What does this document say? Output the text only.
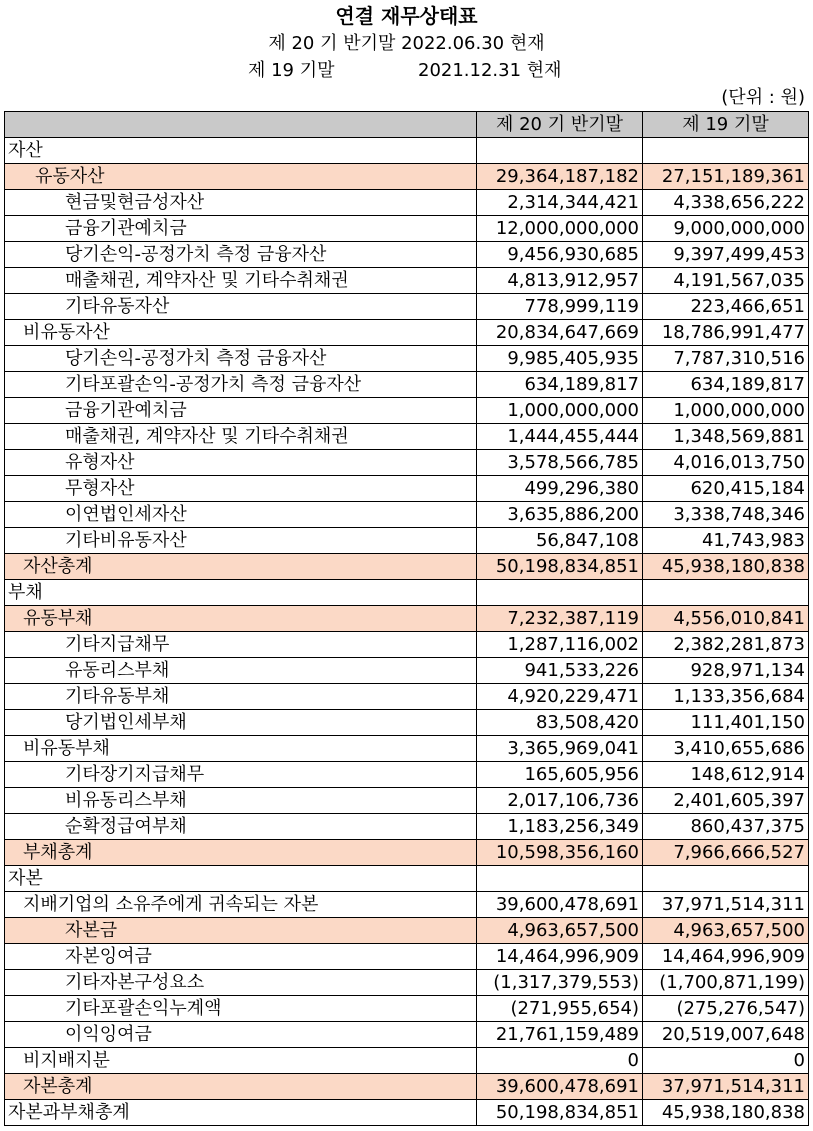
연결 재무상태표
제 20 기 반기말 2022.06.30 현재
제 19 기말	2021.12.31 현재
(단위 : 원)
	제 20 기 반기말	제 19 기말
자산		
유동자산	29,364,187,182	27,151,189,361
현금및현금성자산	2,314,344,421	4,338,656,222
금융기관예치금	12,000,000,000	9,000,000,000
당기손익-공정가치 측정 금융자산	9,456,930,685	9,397,499,453
매출채권, 계약자산 및 기타수취채권	4,813,912,957	4,191,567,035
기타유동자산	778,999,119	223,466,651
비유동자산	20,834,647,669	18,786,991,477
당기손익-공정가치 측정 금융자산	9,985,405,935	7,787,310,516
기타포괄손익-공정가치 측정 금융자산	634,189,817	634,189,817
금융기관예치금	1,000,000,000	1,000,000,000
매출채권, 계약자산 및 기타수취채권	1,444,455,444	1,348,569,881
유형자산	3,578,566,785	4,016,013,750
무형자산	499,296,380	620,415,184
이연법인세자산	3,635,886,200	3,338,748,346
기타비유동자산	56,847,108	41,743,983
자산총계	50,198,834,851	45,938,180,838
부채		
유동부채	7,232,387,119	4,556,010,841
기타지급채무	1,287,116,002	2,382,281,873
유동리스부채	941,533,226	928,971,134
기타유동부채	4,920,229,471	1,133,356,684
당기법인세부채	83,508,420	111,401,150
비유동부채	3,365,969,041	3,410,655,686
기타장기지급채무	165,605,956	148,612,914
비유동리스부채	2,017,106,736	2,401,605,397
순확정급여부채	1,183,256,349	860,437,375
부채총계	10,598,356,160	7,966,666,527
자본		
지배기업의 소유주에게 귀속되는 자본	39,600,478,691	37,971,514,311
자본금	4,963,657,500	4,963,657,500
자본잉여금	14,464,996,909	14,464,996,909
기타자본구성요소	(1,317,379,553)	(1,700,871,199)
기타포괄손익누계액	(271,955,654)	(275,276,547)
이익잉여금	21,761,159,489	20,519,007,648
비지배지분	0	0
자본총계	39,600,478,691	37,971,514,311
자본과부채총계	50,198,834,851	45,938,180,838
